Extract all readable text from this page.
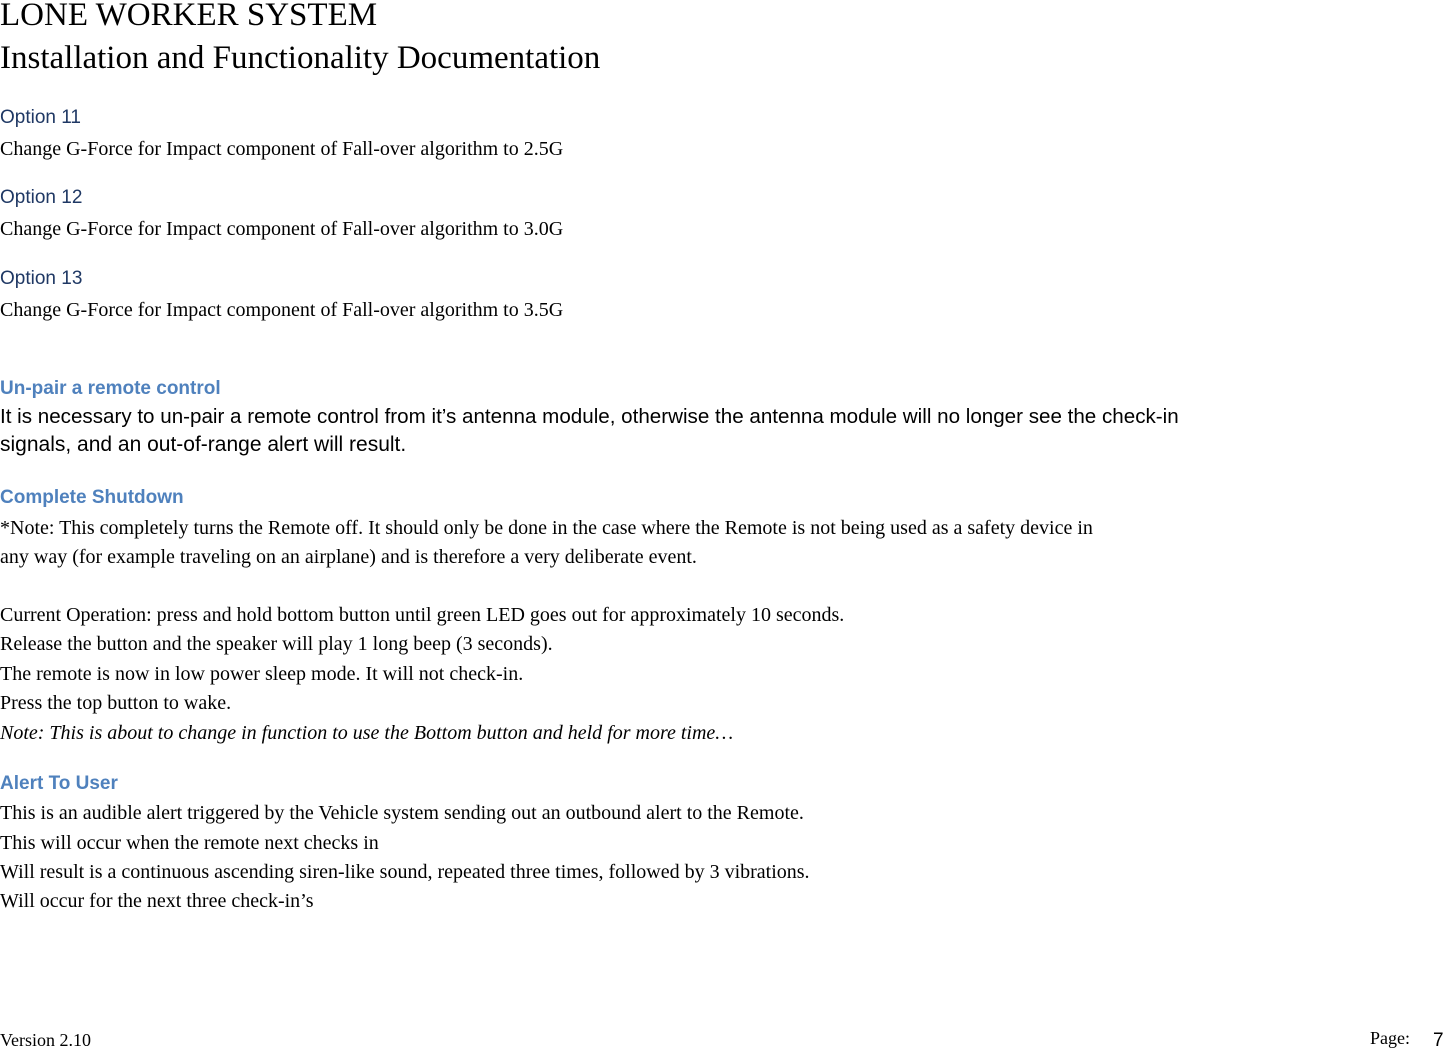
LONE WORKER SYSTEM
Installation and Functionality Documentation
Option 11
Change G-Force for Impact component of Fall-over algorithm to 2.5G
Option 12
Change G-Force for Impact component of Fall-over algorithm to 3.0G
Option 13
Change G-Force for Impact component of Fall-over algorithm to 3.5G
Un-pair a remote control
It is necessary to un-pair a remote control from it’s antenna module, otherwise the antenna module will no longer see the check-in
signals, and an out-of-range alert will result.
Complete Shutdown
*Note: This completely turns the Remote off. It should only be done in the case where the Remote is not being used as a safety device in
any way (for example traveling on an airplane) and is therefore a very deliberate event.
Current Operation: press and hold bottom button until green LED goes out for approximately 10 seconds.
Release the button and the speaker will play 1 long beep (3 seconds).
The remote is now in low power sleep mode. It will not check-in.
Press the top button to wake.
Note: This is about to change in function to use the Bottom button and held for more time…
Alert To User
This is an audible alert triggered by the Vehicle system sending out an outbound alert to the Remote.
This will occur when the remote next checks in
Will result is a continuous ascending siren-like sound, repeated three times, followed by 3 vibrations.
Will occur for the next three check-in’s
Version 2.10	Page: 7
